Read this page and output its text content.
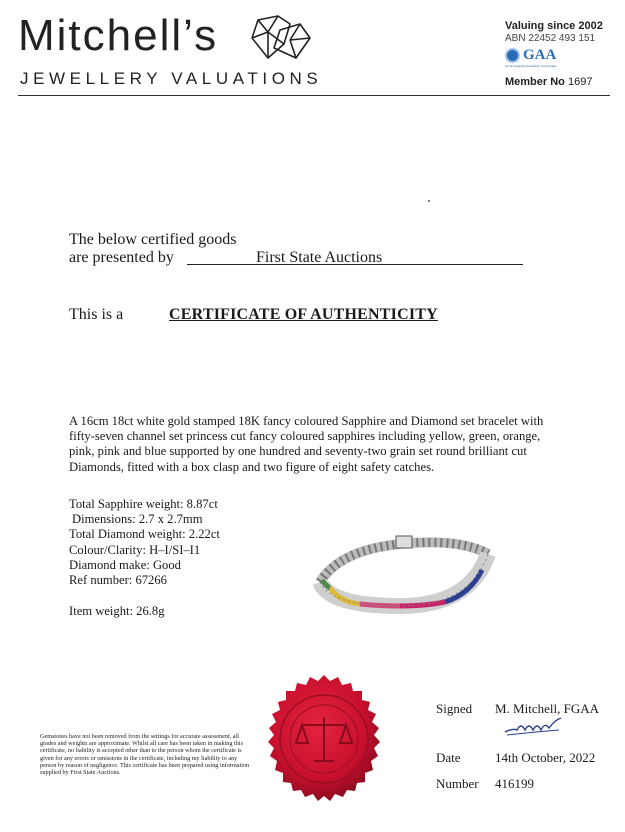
Mitchell’s
JEWELLERY VALUATIONS
Valuing since 2002
ABN 22452 493 151
GAA
Gemmological Association of Australia
Member No 1697
The below certified goods
are presented by	First State Auctions
This is a	CERTIFICATE OF AUTHENTICITY
A 16cm 18ct white gold stamped 18K fancy coloured Sapphire and Diamond set bracelet with fifty-seven channel set princess cut fancy coloured sapphires including yellow, green, orange, pink, pink and blue supported by one hundred and seventy-two grain set round brilliant cut Diamonds, fitted with a box clasp and two figure of eight safety catches.
Total Sapphire weight: 8.87ct
Dimensions: 2.7 x 2.7mm
Total Diamond weight: 2.22ct
Colour/Clarity: H–I/SI–I1
Diamond make: Good
Ref number: 67266
Item weight: 26.8g
Gemstones have not been removed from the settings for accurate assessment, all grades and weights are approximate. Whilst all care has been taken in making this certificate, no liability is accepted other than to the person whom the certificate is given for any errors or omissions in the certificate, including my liability to any person by reason of negligence. This certificate has been prepared using information supplied by First State Auctions.
Signed M. Mitchell, FGAA
Date	14th October, 2022
Number 416199
